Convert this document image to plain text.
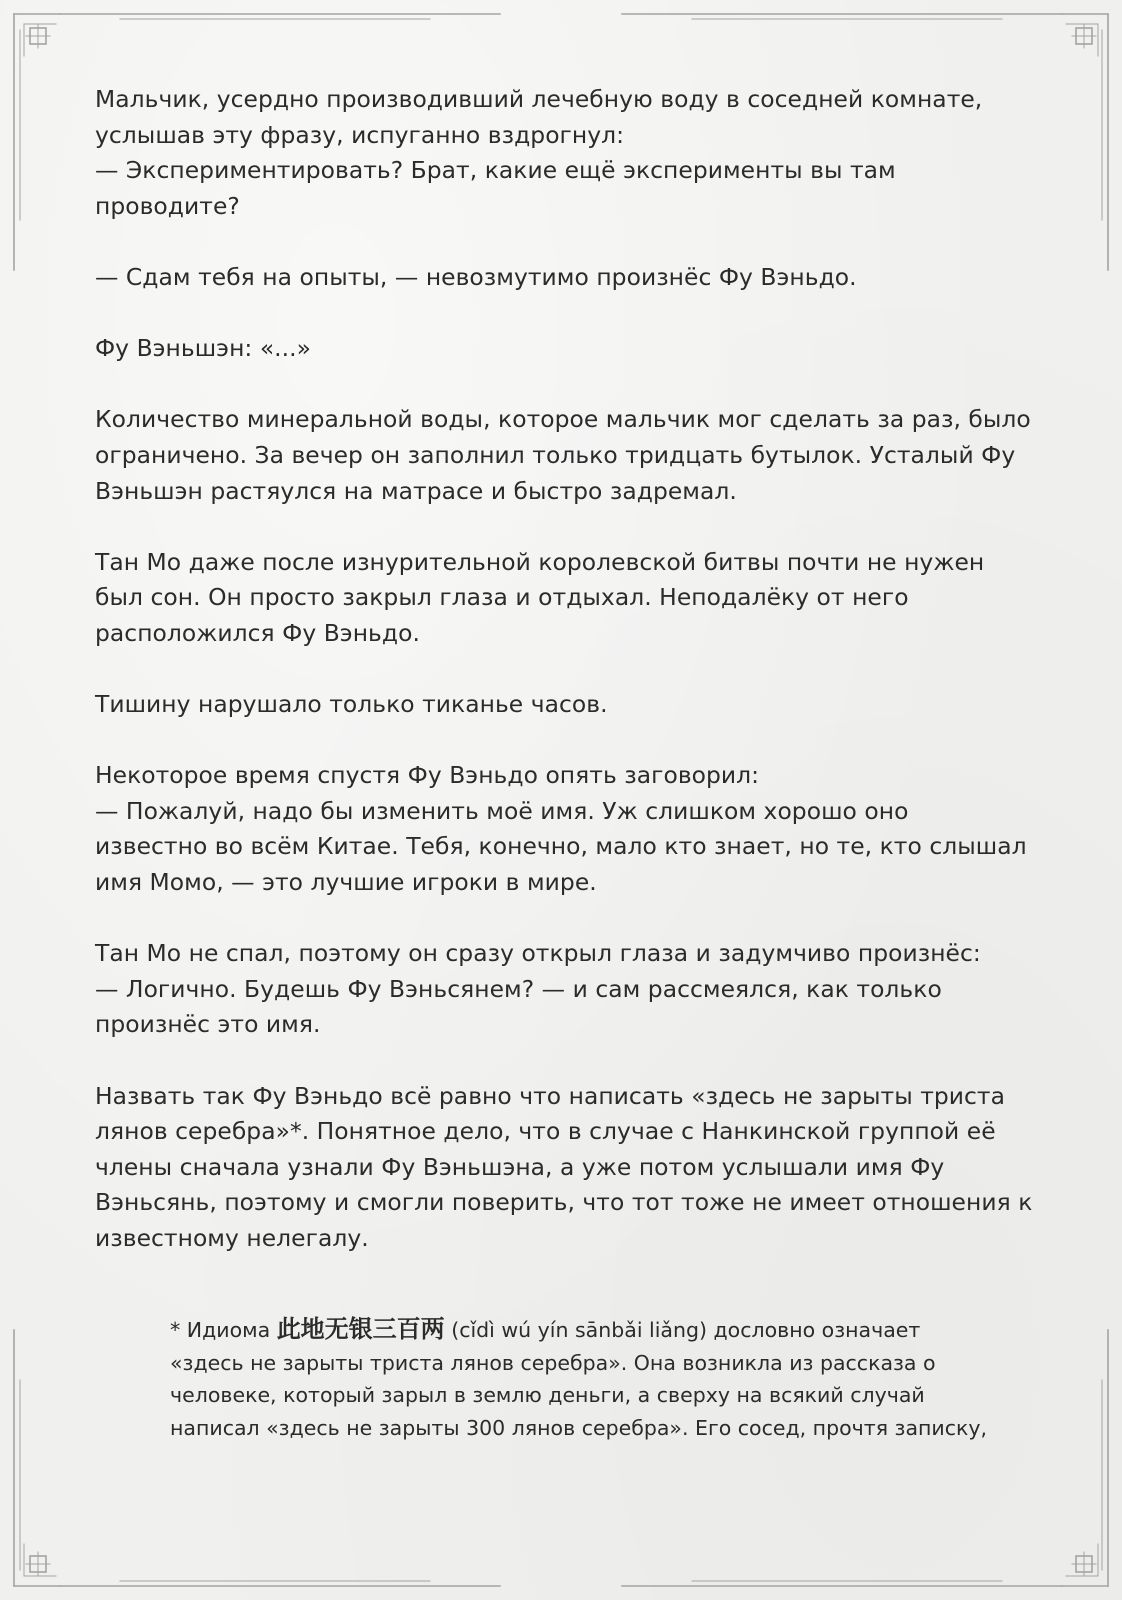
Мальчик, усердно производивший лечебную воду в соседней комнате,
услышав эту фразу, испуганно вздрогнул:
— Экспериментировать? Брат, какие ещё эксперименты вы там
проводите?

— Сдам тебя на опыты, — невозмутимо произнёс Фу Вэньдо.

Фу Вэньшэн: «...»

Количество минеральной воды, которое мальчик мог сделать за раз, было
ограничено. За вечер он заполнил только тридцать бутылок. Усталый Фу
Вэньшэн растяулся на матрасе и быстро задремал.

Тан Мо даже после изнурительной королевской битвы почти не нужен
был сон. Он просто закрыл глаза и отдыхал. Неподалёку от него
расположился Фу Вэньдо.

Тишину нарушало только тиканье часов.

Некоторое время спустя Фу Вэньдо опять заговорил:
— Пожалуй, надо бы изменить моё имя. Уж слишком хорошо оно
известно во всём Китае. Тебя, конечно, мало кто знает, но те, кто слышал
имя Момо, — это лучшие игроки в мире.

Тан Мо не спал, поэтому он сразу открыл глаза и задумчиво произнёс:
— Логично. Будешь Фу Вэньсянем? — и сам рассмеялся, как только
произнёс это имя.

Назвать так Фу Вэньдо всё равно что написать «здесь не зарыты триста
лянов серебра»*. Понятное дело, что в случае с Нанкинской группой её
члены сначала узнали Фу Вэньшэна, а уже потом услышали имя Фу
Вэньсянь, поэтому и смогли поверить, что тот тоже не имеет отношения к
известному нелегалу.

* Идиома 此地无银三百两 (cǐdì wú yín sānbǎi liǎng) дословно означает
«здесь не зарыты триста лянов серебра». Она возникла из рассказа о
человеке, который зарыл в землю деньги, а сверху на всякий случай
написал «здесь не зарыты 300 лянов серебра». Его сосед, прочтя записку,
